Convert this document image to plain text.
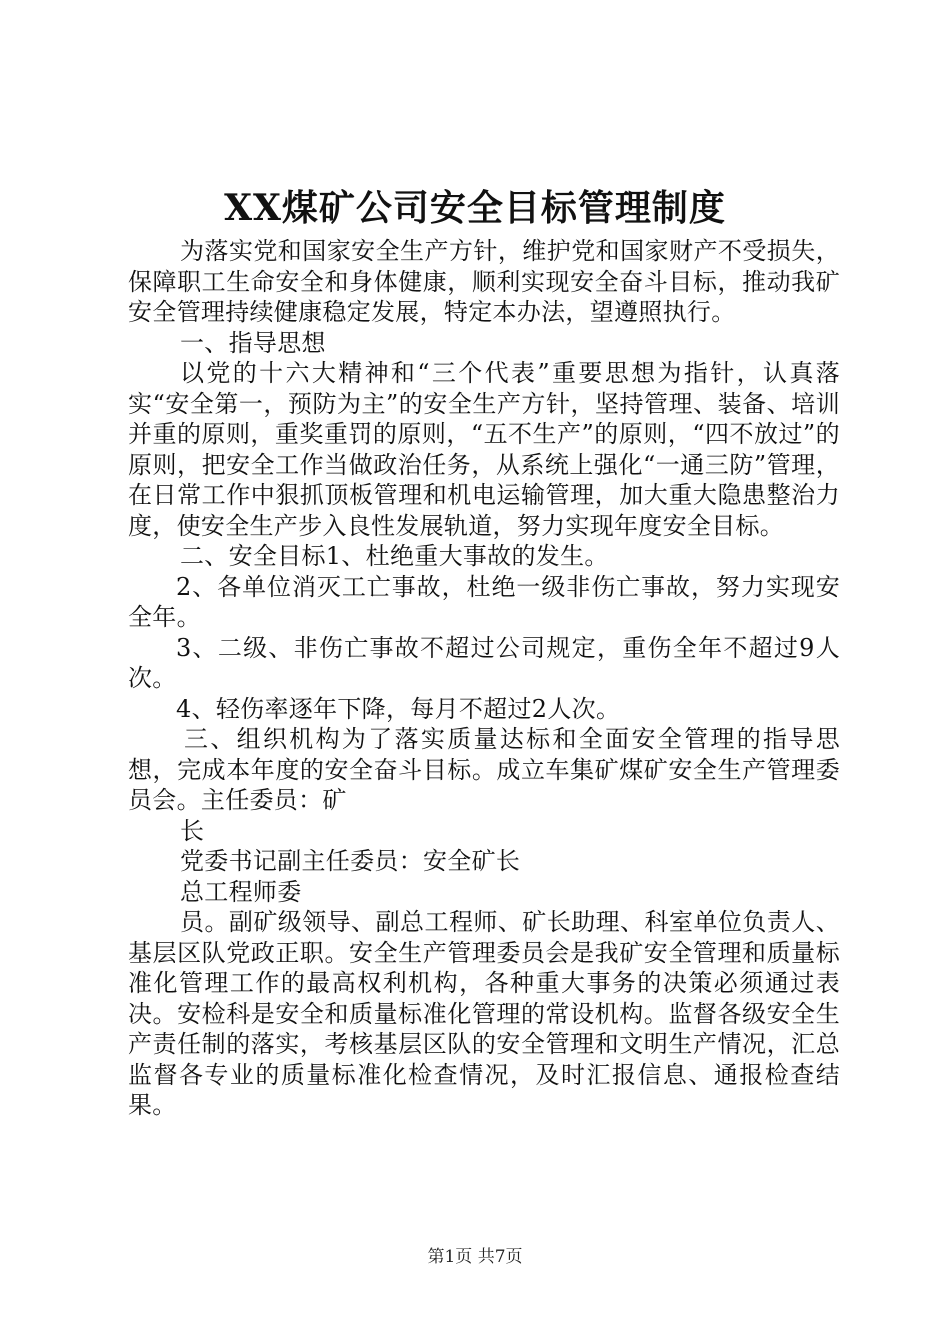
XX煤矿公司安全目标管理制度

为落实党和国家安全生产方针，维护党和国家财产不受损失，保障职工生命安全和身体健康，顺利实现安全奋斗目标，推动我矿安全管理持续健康稳定发展，特定本办法，望遵照执行。

一、指导思想

以党的十六大精神和“三个代表”重要思想为指针，认真落实“安全第一，预防为主”的安全生产方针，坚持管理、装备、培训并重的原则，重奖重罚的原则，“五不生产”的原则，“四不放过”的原则，把安全工作当做政治任务，从系统上强化“一通三防”管理，在日常工作中狠抓顶板管理和机电运输管理，加大重大隐患整治力度，使安全生产步入良性发展轨道，努力实现年度安全目标。

二、安全目标1、杜绝重大事故的发生。

2、各单位消灭工亡事故，杜绝一级非伤亡事故，努力实现安全年。

3、二级、非伤亡事故不超过公司规定，重伤全年不超过9人次。

4、轻伤率逐年下降，每月不超过2人次。

三、组织机构为了落实质量达标和全面安全管理的指导思想，完成本年度的安全奋斗目标。成立车集矿煤矿安全生产管理委员会。主任委员：矿

长

党委书记副主任委员：安全矿长

总工程师委

员。副矿级领导、副总工程师、矿长助理、科室单位负责人、基层区队党政正职。安全生产管理委员会是我矿安全管理和质量标准化管理工作的最高权利机构，各种重大事务的决策必须通过表决。安检科是安全和质量标准化管理的常设机构。监督各级安全生产责任制的落实，考核基层区队的安全管理和文明生产情况，汇总监督各专业的质量标准化检查情况，及时汇报信息、通报检查结果。

第1页 共7页
